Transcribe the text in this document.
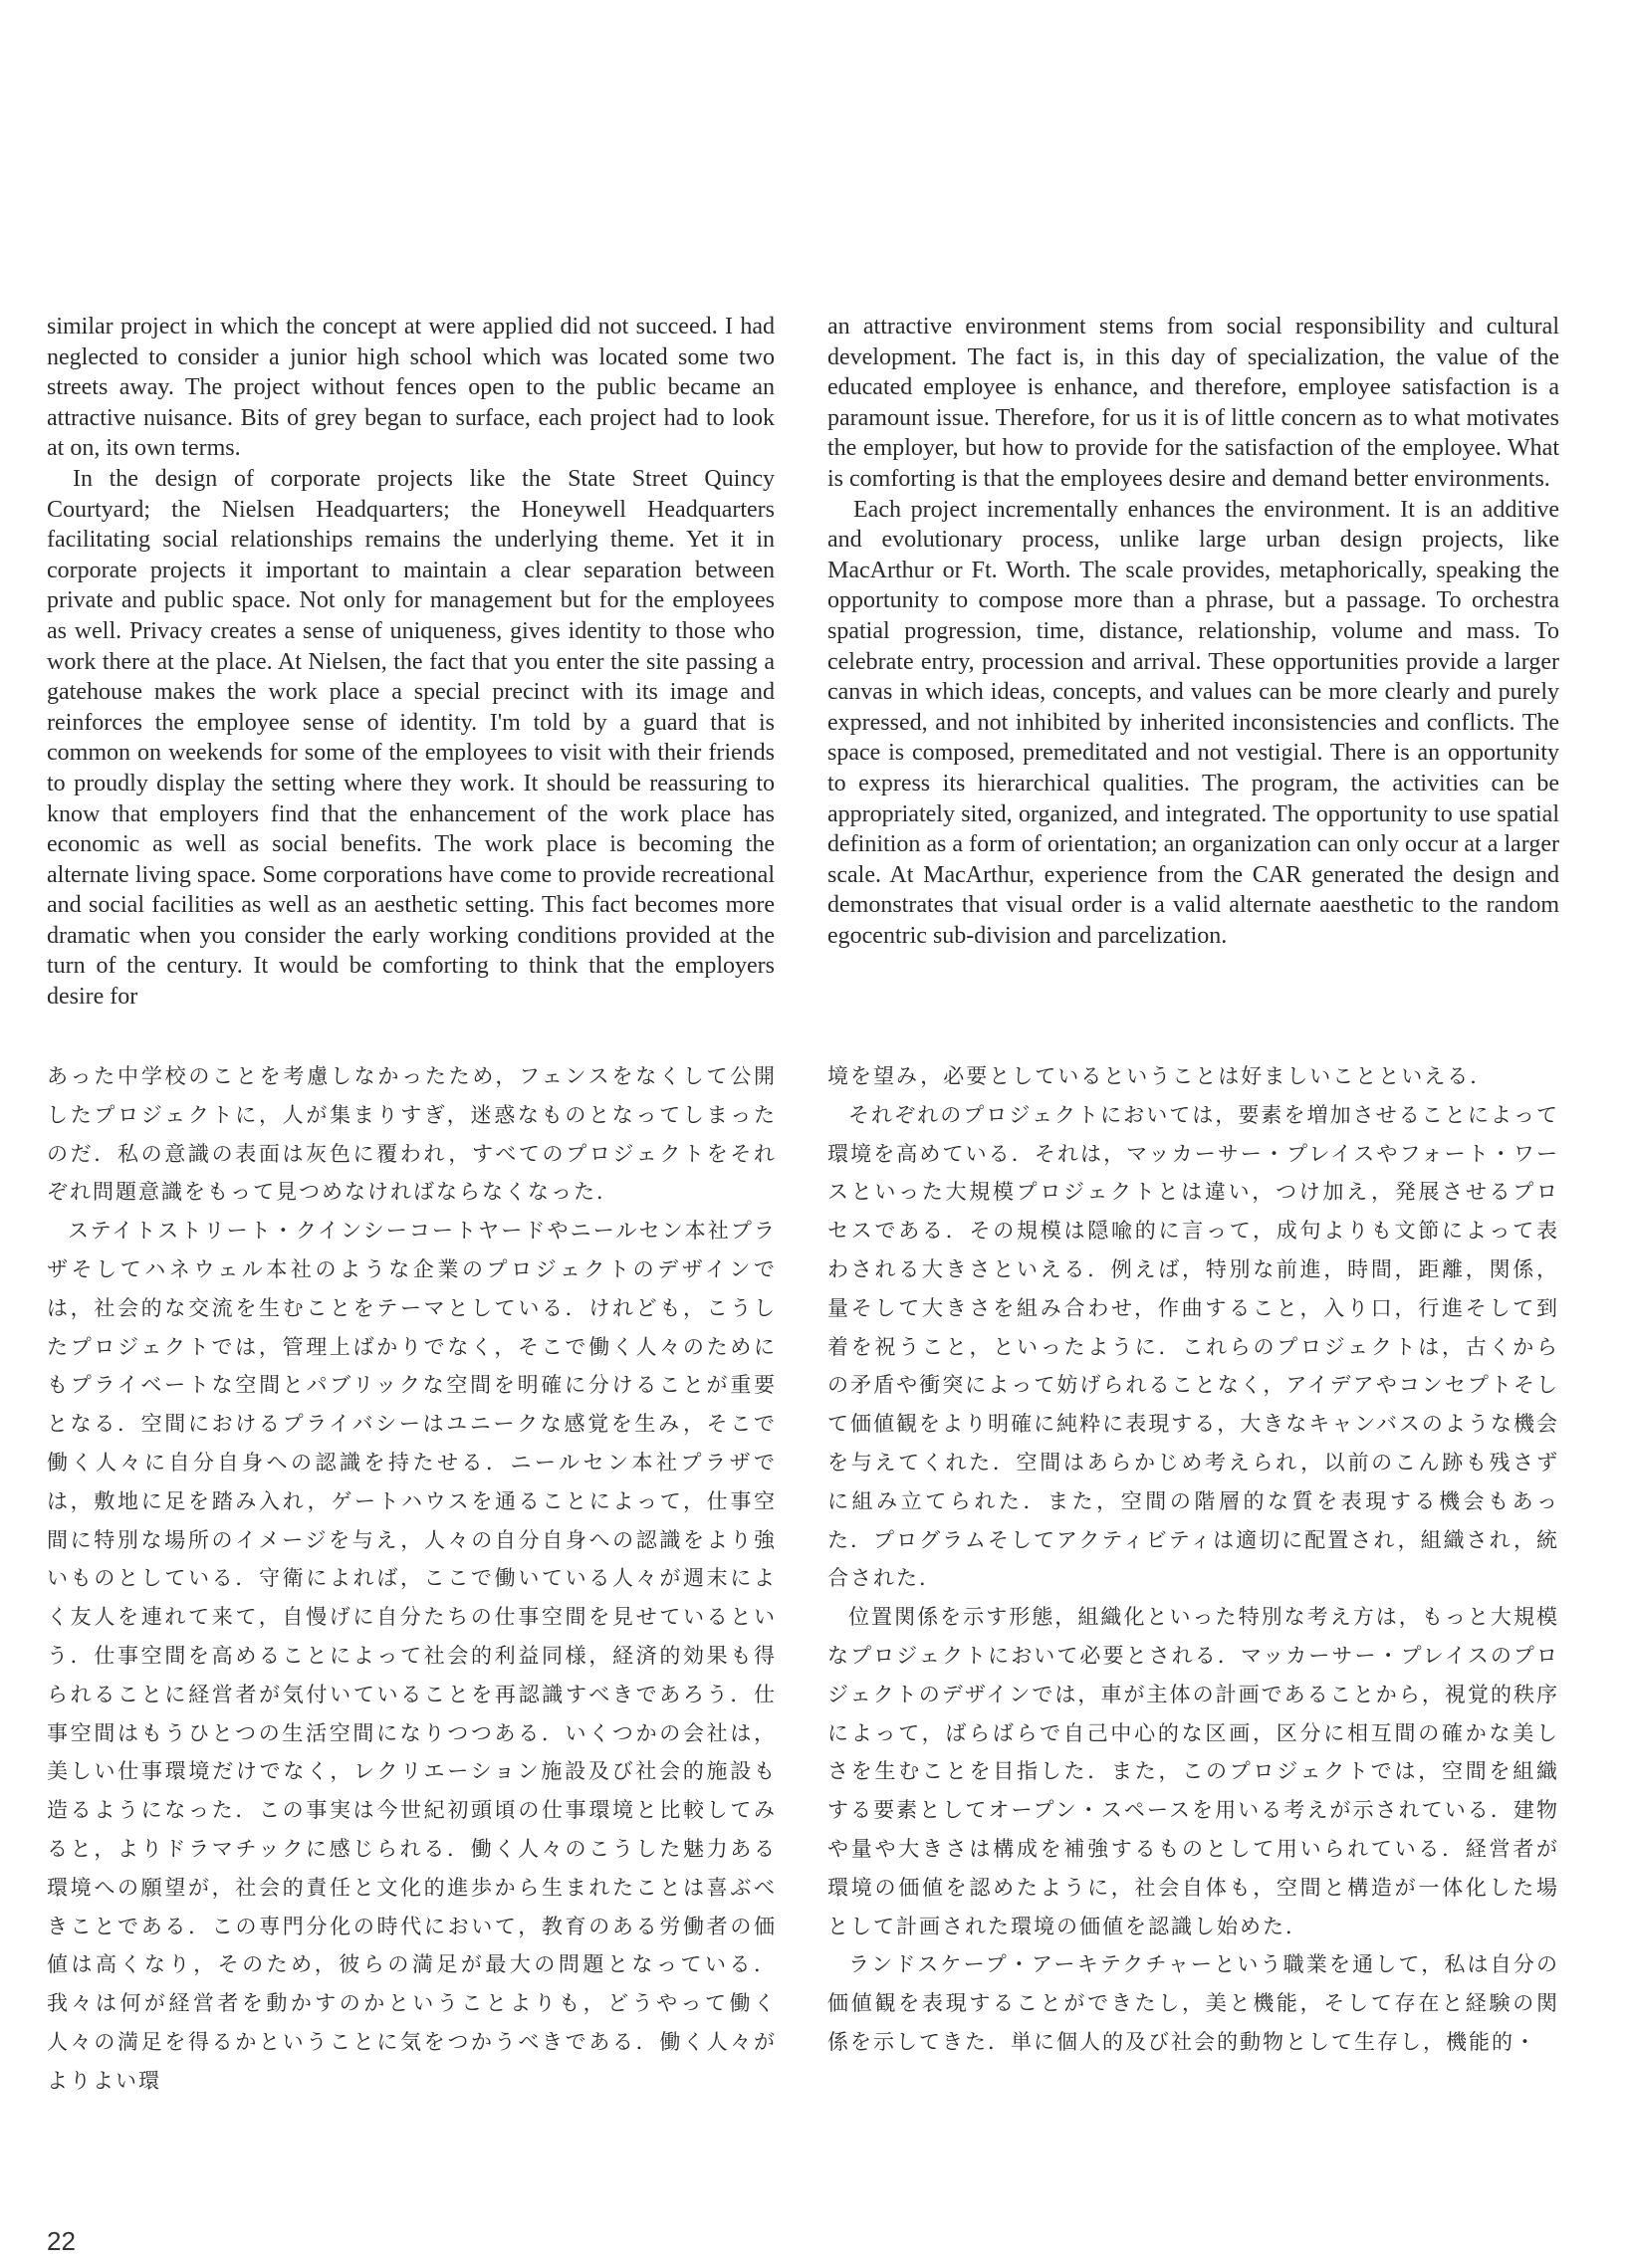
similar project in which the concept at were applied did not succeed. I had neglected to consider a junior high school which was located some two streets away. The project without fences open to the public became an attractive nuisance. Bits of grey began to surface, each project had to look at on, its own terms.

In the design of corporate projects like the State Street Quincy Courtyard; the Nielsen Headquarters; the Honeywell Headquarters facilitating social relationships remains the underlying theme. Yet it in corporate projects it important to maintain a clear separation between private and public space. Not only for management but for the employees as well. Privacy creates a sense of uniqueness, gives identity to those who work there at the place. At Nielsen, the fact that you enter the site passing a gatehouse makes the work place a special precinct with its image and reinforces the employee sense of identity. I'm told by a guard that is common on weekends for some of the employees to visit with their friends to proudly display the setting where they work. It should be reassuring to know that employers find that the enhancement of the work place has economic as well as social benefits. The work place is becoming the alternate living space. Some corporations have come to provide recreational and social facilities as well as an aesthetic setting. This fact becomes more dramatic when you consider the early working conditions provided at the turn of the century. It would be comforting to think that the employers desire for

an attractive environment stems from social responsibility and cultural development. The fact is, in this day of specialization, the value of the educated employee is enhance, and therefore, employee satisfaction is a paramount issue. Therefore, for us it is of little concern as to what motivates the employer, but how to provide for the satisfaction of the employee. What is comforting is that the employees desire and demand better environments.

Each project incrementally enhances the environment. It is an additive and evolutionary process, unlike large urban design projects, like MacArthur or Ft. Worth. The scale provides, metaphorically, speaking the opportunity to compose more than a phrase, but a passage. To orchestra spatial progression, time, distance, relationship, volume and mass. To celebrate entry, procession and arrival. These opportunities provide a larger canvas in which ideas, concepts, and values can be more clearly and purely expressed, and not inhibited by inherited inconsistencies and conflicts. The space is composed, premeditated and not vestigial. There is an opportunity to express its hierarchical qualities. The program, the activities can be appropriately sited, organized, and integrated. The opportunity to use spatial definition as a form of orientation; an organization can only occur at a larger scale. At MacArthur, experience from the CAR generated the design and demonstrates that visual order is a valid alternate aaesthetic to the random egocentric sub-division and parcelization.

あった中学校のことを考慮しなかったため，フェンスをなくして公開したプロジェクトに，人が集まりすぎ，迷惑なものとなってしまったのだ．私の意識の表面は灰色に覆われ，すべてのプロジェクトをそれぞれ問題意識をもって見つめなければならなくなった．

ステイトストリート・クインシーコートヤードやニールセン本社プラザそしてハネウェル本社のような企業のプロジェクトのデザインでは，社会的な交流を生むことをテーマとしている．けれども，こうしたプロジェクトでは，管理上ばかりでなく，そこで働く人々のためにもプライベートな空間とパブリックな空間を明確に分けることが重要となる．空間におけるプライバシーはユニークな感覚を生み，そこで働く人々に自分自身への認識を持たせる．ニールセン本社プラザでは，敷地に足を踏み入れ，ゲートハウスを通ることによって，仕事空間に特別な場所のイメージを与え，人々の自分自身への認識をより強いものとしている．守衛によれば，ここで働いている人々が週末によく友人を連れて来て，自慢げに自分たちの仕事空間を見せているという．仕事空間を高めることによって社会的利益同様，経済的効果も得られることに経営者が気付いていることを再認識すべきであろう．仕事空間はもうひとつの生活空間になりつつある．いくつかの会社は，美しい仕事環境だけでなく，レクリエーション施設及び社会的施設も造るようになった．この事実は今世紀初頭頃の仕事環境と比較してみると，よりドラマチックに感じられる．働く人々のこうした魅力ある環境への願望が，社会的責任と文化的進歩から生まれたことは喜ぶべきことである．この専門分化の時代において，教育のある労働者の価値は高くなり，そのため，彼らの満足が最大の問題となっている．我々は何が経営者を動かすのかということよりも，どうやって働く人々の満足を得るかということに気をつかうべきである．働く人々がよりよい環

境を望み，必要としているということは好ましいことといえる．

それぞれのプロジェクトにおいては，要素を増加させることによって環境を高めている．それは，マッカーサー・プレイスやフォート・ワースといった大規模プロジェクトとは違い，つけ加え，発展させるプロセスである．その規模は隠喩的に言って，成句よりも文節によって表わされる大きさといえる．例えば，特別な前進，時間，距離，関係，量そして大きさを組み合わせ，作曲すること，入り口，行進そして到着を祝うこと，といったように．これらのプロジェクトは，古くからの矛盾や衝突によって妨げられることなく，アイデアやコンセプトそして価値観をより明確に純粋に表現する，大きなキャンバスのような機会を与えてくれた．空間はあらかじめ考えられ，以前のこん跡も残さずに組み立てられた．また，空間の階層的な質を表現する機会もあった．プログラムそしてアクティビティは適切に配置され，組織され，統合された．

位置関係を示す形態，組織化といった特別な考え方は，もっと大規模なプロジェクトにおいて必要とされる．マッカーサー・プレイスのプロジェクトのデザインでは，車が主体の計画であることから，視覚的秩序によって，ばらばらで自己中心的な区画，区分に相互間の確かな美しさを生むことを目指した．また，このプロジェクトでは，空間を組織する要素としてオープン・スペースを用いる考えが示されている．建物や量や大きさは構成を補強するものとして用いられている．経営者が環境の価値を認めたように，社会自体も，空間と構造が一体化した場として計画された環境の価値を認識し始めた．

ランドスケープ・アーキテクチャーという職業を通して，私は自分の価値観を表現することができたし，美と機能，そして存在と経験の関係を示してきた．単に個人的及び社会的動物として生存し，機能的・

22
